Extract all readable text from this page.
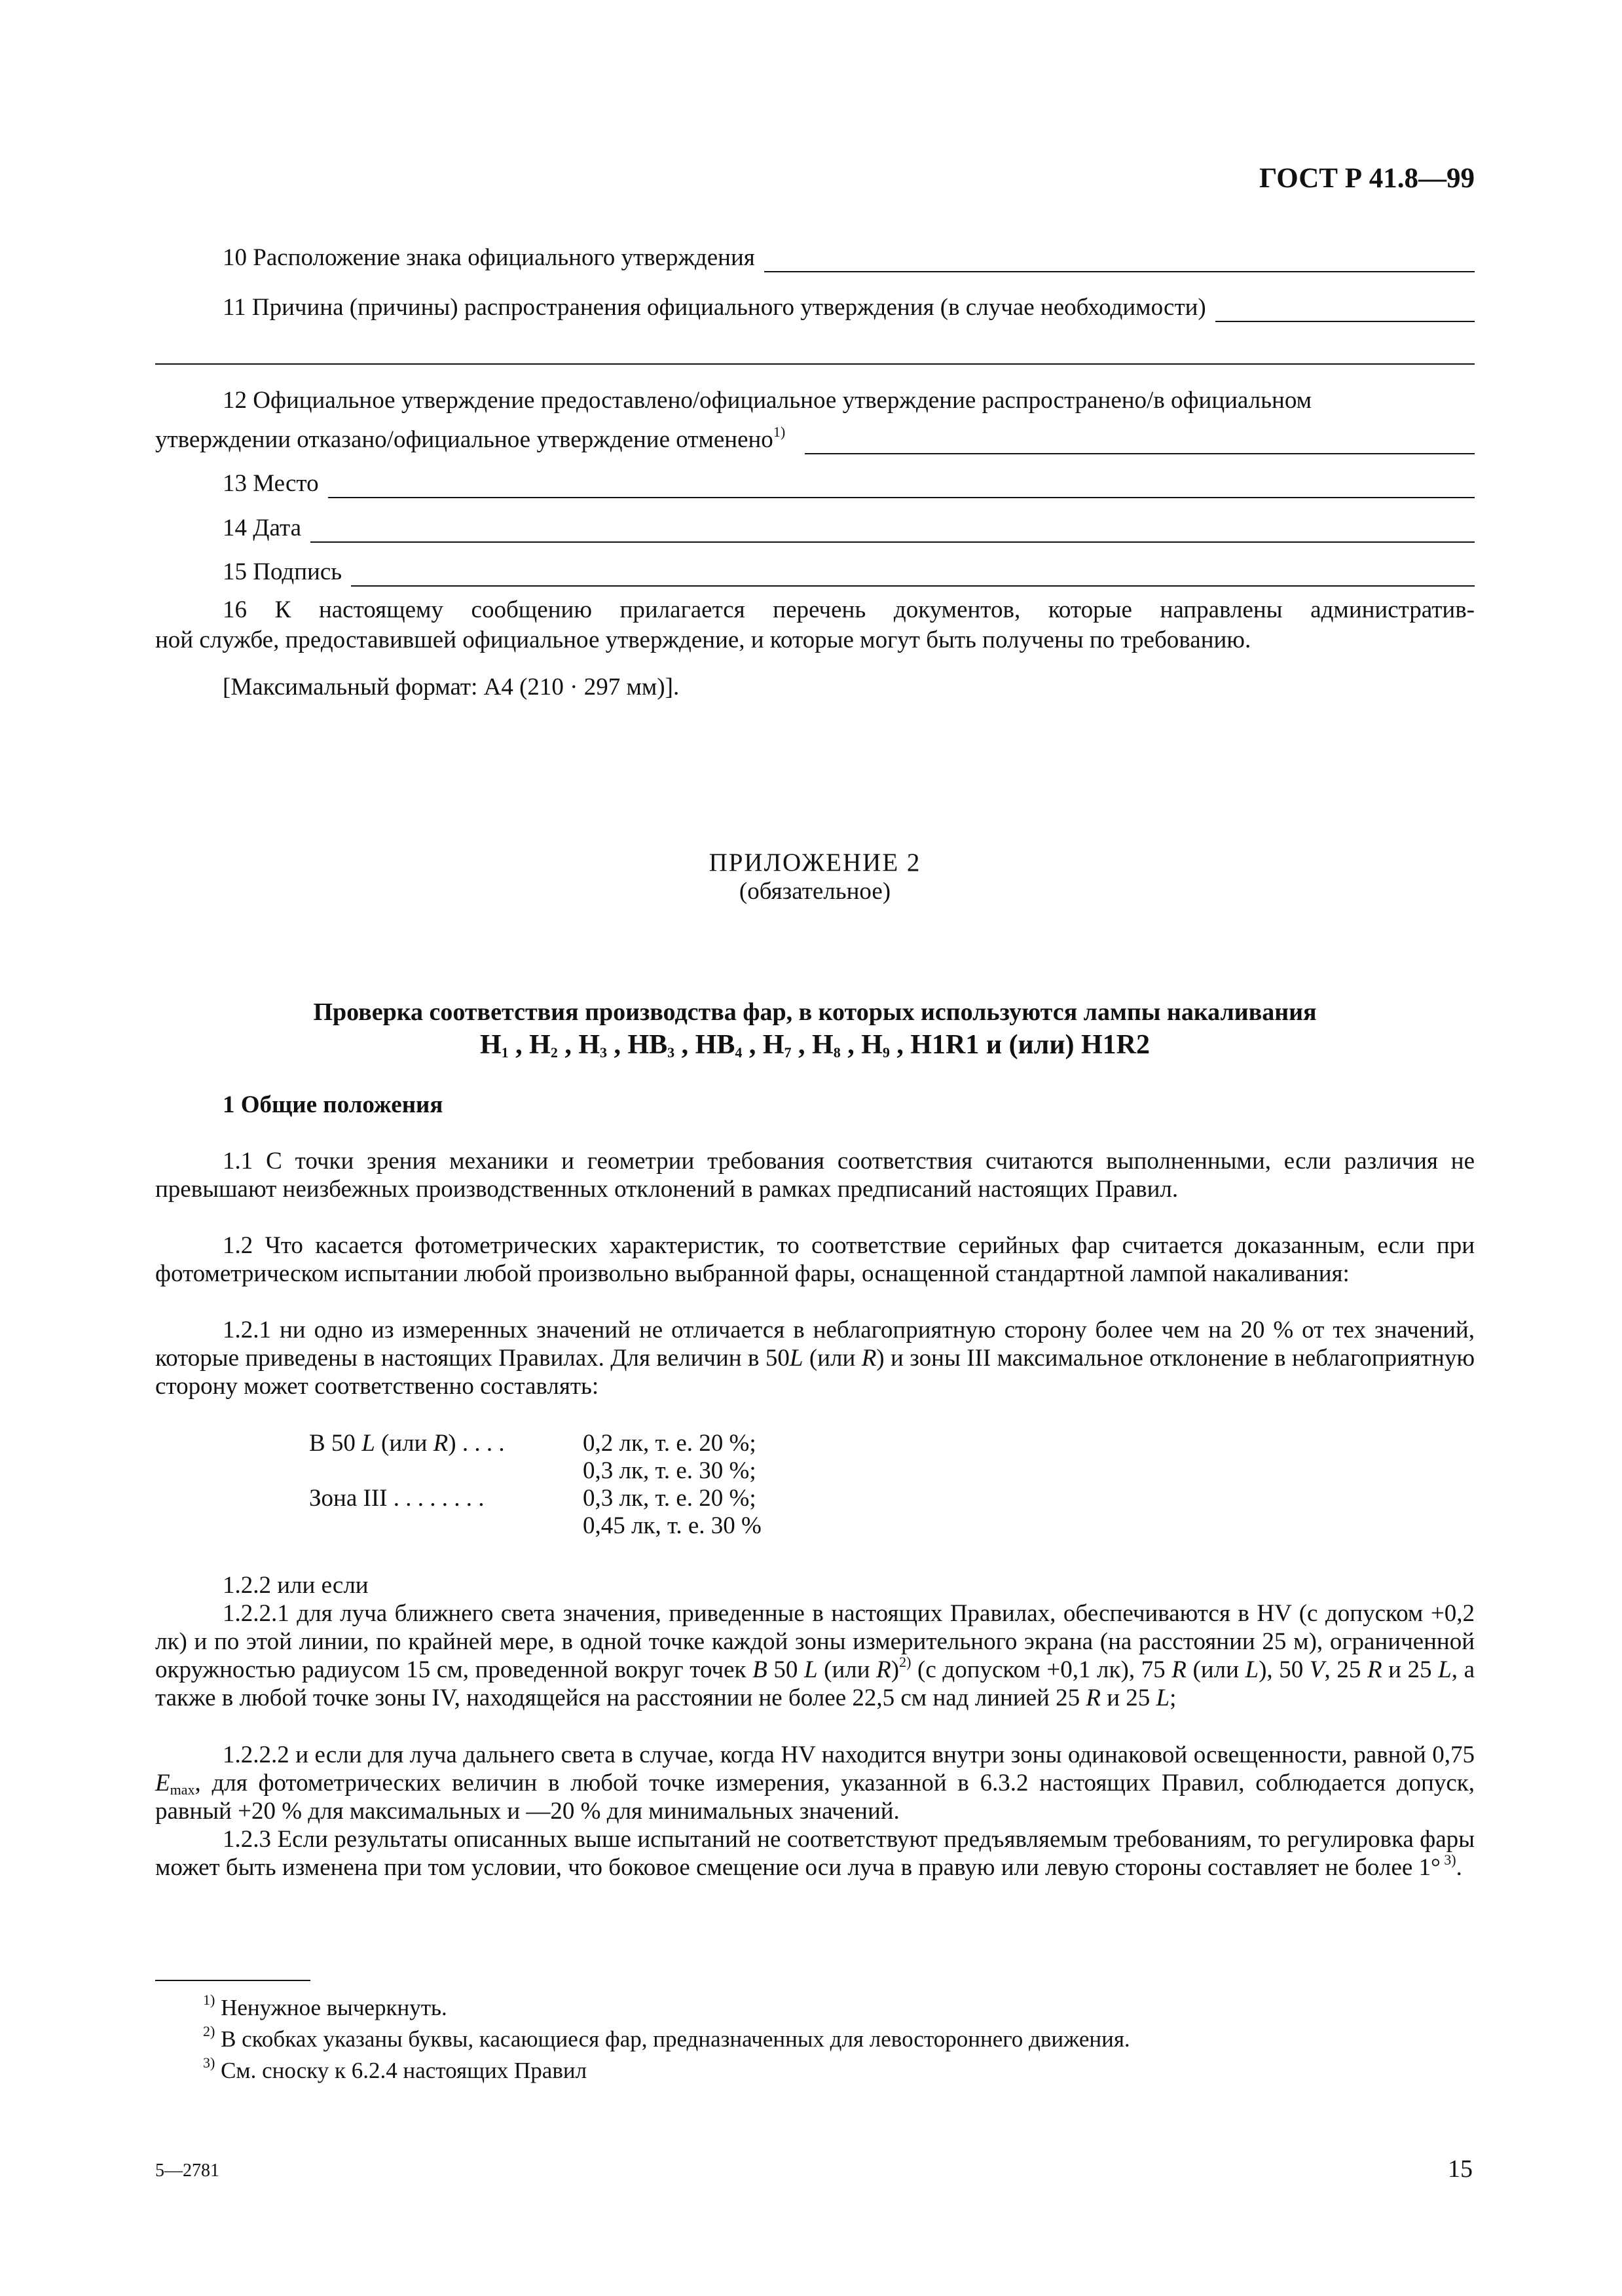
ГОСТ Р 41.8—99
10 Расположение знака официального утверждения
11 Причина (причины) распространения официального утверждения (в случае необходимости)
12 Официальное утверждение предоставлено/официальное утверждение распространено/в официальном
утверждении отказано/официальное утверждение отменено$^{1)}$
13 Место
14 Дата
15 Подпись
16 К настоящему сообщению прилагается перечень документов, которые направлены административ-
ной службе, предоставившей официальное утверждение, и которые могут быть получены по требованию.
[Максимальный формат: А4 (210 · 297 мм)].
ПРИЛОЖЕНИЕ 2
(обязательное)
Проверка соответствия производства фар, в которых используются лампы накаливания
$H_1$ , $H_2$ , $H_3$ , $HB_3$ , $HB_4$ , $H_7$ , $H_8$ , $H_9$ , H1R1 и (или) H1R2
1 Общие положения
1.1 С точки зрения механики и геометрии требования соответствия считаются выполненными, если различия не превышают неизбежных производственных отклонений в рамках предписаний настоящих Правил.
1.2 Что касается фотометрических характеристик, то соответствие серийных фар считается доказанным, если при фотометрическом испытании любой произвольно выбранной фары, оснащенной стандартной лампой накаливания:
1.2.1 ни одно из измеренных значений не отличается в неблагоприятную сторону более чем на 20 % от тех значений, которые приведены в настоящих Правилах. Для величин в 50L (или R) и зоны III максимальное отклонение в неблагоприятную сторону может соответственно составлять:
B 50 L (или R) . . . .	0,2 лк, т. е. 20 %;
0,3 лк, т. е. 30 %;
Зона III . . . . . . . .	0,3 лк, т. е. 20 %;
0,45 лк, т. е. 30 %
1.2.2 или если
1.2.2.1 для луча ближнего света значения, приведенные в настоящих Правилах, обеспечиваются в HV (с допуском +0,2 лк) и по этой линии, по крайней мере, в одной точке каждой зоны измерительного экрана (на расстоянии 25 м), ограниченной окружностью радиусом 15 см, проведенной вокруг точек B 50 L (или R)$^{2)}$ (с допуском +0,1 лк), 75 R (или L), 50 V, 25 R и 25 L, а также в любой точке зоны IV, находящейся на расстоянии не более 22,5 см над линией 25 R и 25 L;
1.2.2.2 и если для луча дальнего света в случае, когда HV находится внутри зоны одинаковой освещенности, равной 0,75 $E_{max}$, для фотометрических величин в любой точке измерения, указанной в 6.3.2 настоящих Правил, соблюдается допуск, равный +20 % для максимальных и —20 % для минимальных значений.
1.2.3 Если результаты описанных выше испытаний не соответствуют предъявляемым требованиям, то регулировка фары может быть изменена при том условии, что боковое смещение оси луча в правую или левую стороны составляет не более 1° $^{3)}$.
$^{1)}$ Ненужное вычеркнуть.
$^{2)}$ В скобках указаны буквы, касающиеся фар, предназначенных для левостороннего движения.
$^{3)}$ См. сноску к 6.2.4 настоящих Правил
5—2781	15
